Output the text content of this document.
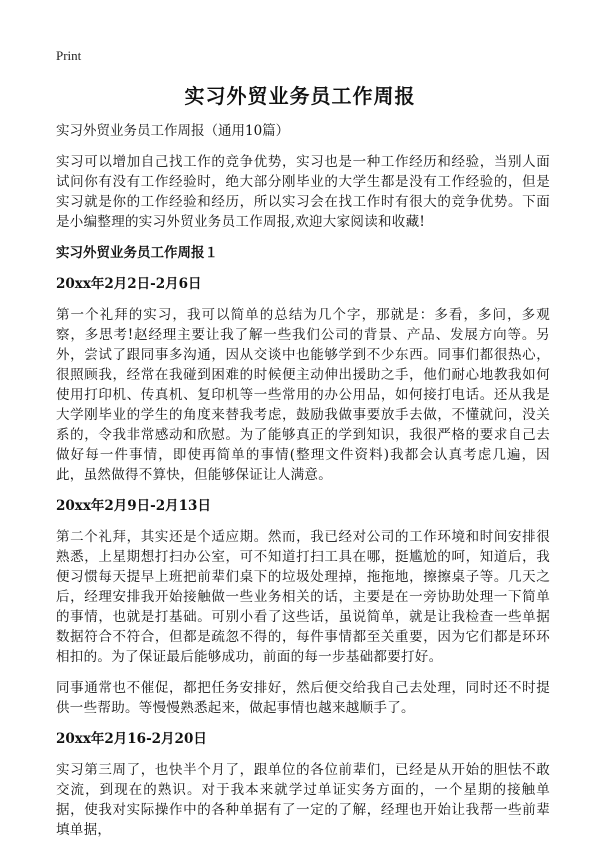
Print
实习外贸业务员工作周报
实习外贸业务员工作周报（通用10篇）
实习可以增加自己找工作的竞争优势，实习也是一种工作经历和经验，当别人面试问你有没有工作经验时，绝大部分刚毕业的大学生都是没有工作经验的，但是实习就是你的工作经验和经历，所以实习会在找工作时有很大的竞争优势。下面是小编整理的实习外贸业务员工作周报,欢迎大家阅读和收藏!
实习外贸业务员工作周报１
20xx年2月2日-2月6日
第一个礼拜的实习，我可以简单的总结为几个字，那就是：多看，多问，多观察，多思考!赵经理主要让我了解一些我们公司的背景、产品、发展方向等。另外，尝试了跟同事多沟通，因从交谈中也能够学到不少东西。同事们都很热心，很照顾我，经常在我碰到困难的时候便主动伸出援助之手，他们耐心地教我如何使用打印机、传真机、复印机等一些常用的办公用品，如何接打电话。还从我是大学刚毕业的学生的角度来替我考虑，鼓励我做事要放手去做，不懂就问，没关系的，令我非常感动和欣慰。为了能够真正的学到知识，我很严格的要求自己去做好每一件事情，即使再简单的事情(整理文件资料)我都会认真考虑几遍，因此，虽然做得不算快，但能够保证让人满意。
20xx年2月9日-2月13日
第二个礼拜，其实还是个适应期。然而，我已经对公司的工作环境和时间安排很熟悉，上星期想打扫办公室，可不知道打扫工具在哪，挺尴尬的呵，知道后，我便习惯每天提早上班把前辈们桌下的垃圾处理掉，拖拖地，擦擦桌子等。几天之后，经理安排我开始接触做一些业务相关的话，主要是在一旁协助处理一下简单的事情，也就是打基础。可别小看了这些话，虽说简单，就是让我检查一些单据数据符合不符合，但都是疏忽不得的，每件事情都至关重要，因为它们都是环环相扣的。为了保证最后能够成功，前面的每一步基础都要打好。
同事通常也不催促，都把任务安排好，然后便交给我自己去处理，同时还不时提供一些帮助。等慢慢熟悉起来，做起事情也越来越顺手了。
20xx年2月16-2月20日
实习第三周了，也快半个月了，跟单位的各位前辈们，已经是从开始的胆怯不敢交流，到现在的熟识。对于我本来就学过单证实务方面的，一个星期的接触单据，使我对实际操作中的各种单据有了一定的了解，经理也开始让我帮一些前辈填单据，
